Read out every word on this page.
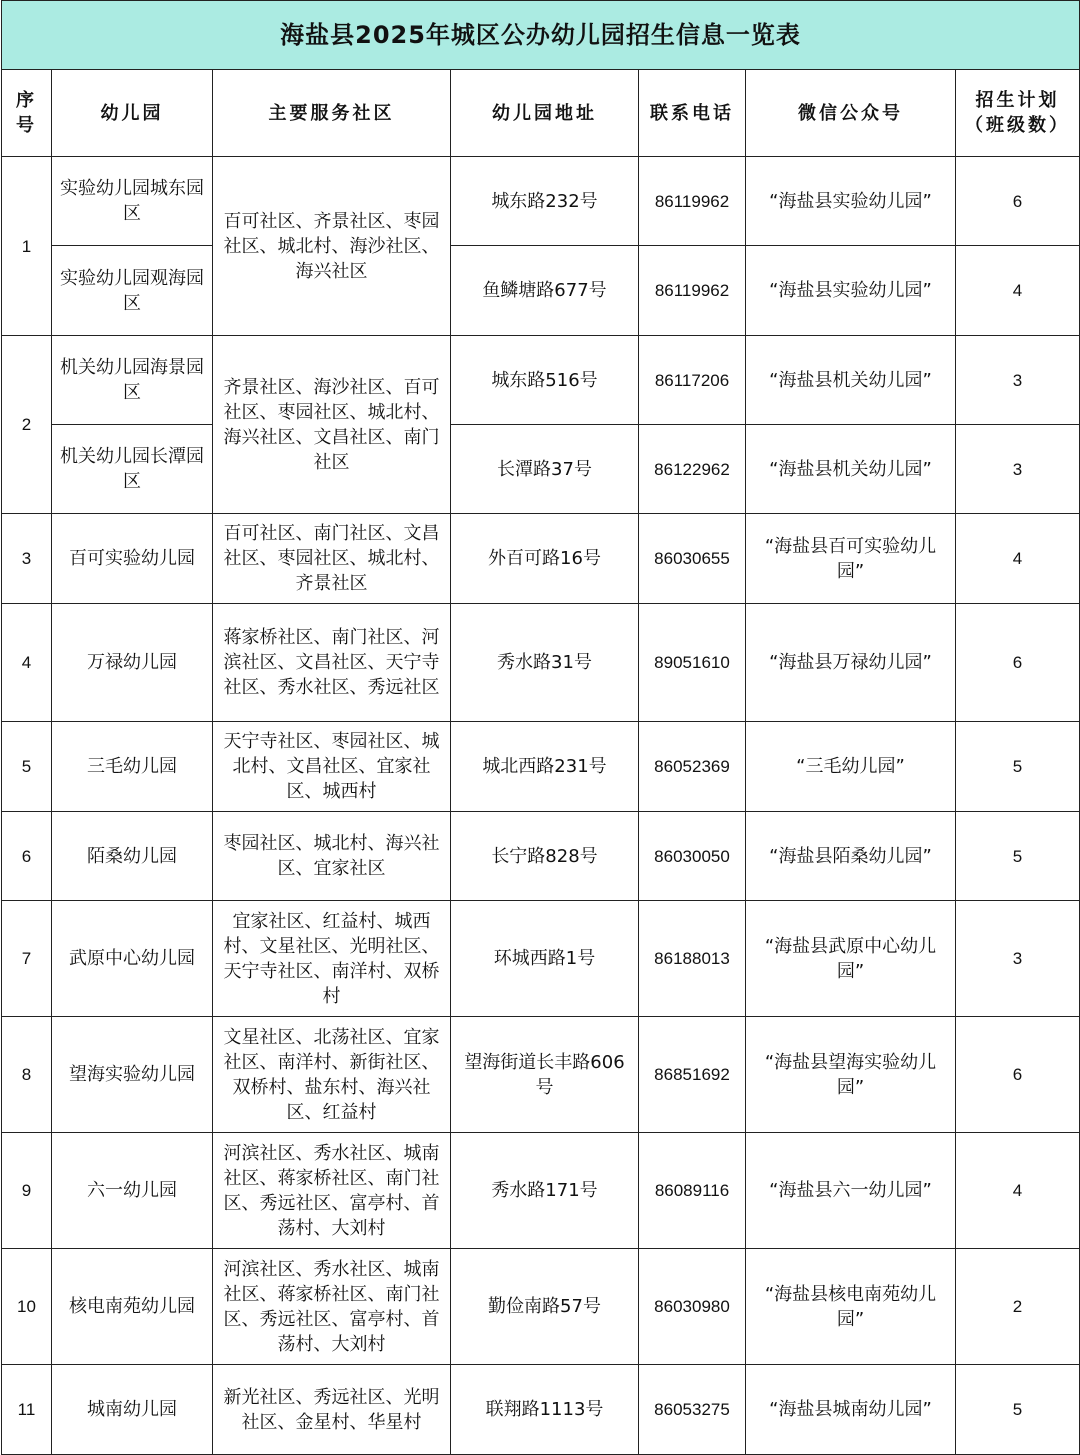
海盐县2025年城区公办幼儿园招生信息一览表						
序号	幼儿园	主要服务社区	幼儿园地址	联系电话	微信公众号	招生计划（班级数）
1	实验幼儿园城东园区	百可社区、齐景社区、枣园社区、城北村、海沙社区、海兴社区	城东路232号	86119962	“海盐县实验幼儿园”	6
	实验幼儿园观海园区		鱼鳞塘路677号	86119962	“海盐县实验幼儿园”	4
2	机关幼儿园海景园区	齐景社区、海沙社区、百可社区、枣园社区、城北村、海兴社区、文昌社区、南门社区	城东路516号	86117206	“海盐县机关幼儿园”	3
	机关幼儿园长潭园区		长潭路37号	86122962	“海盐县机关幼儿园”	3
3	百可实验幼儿园	百可社区、南门社区、文昌社区、枣园社区、城北村、齐景社区	外百可路16号	86030655	“海盐县百可实验幼儿园”	4
4	万禄幼儿园	蒋家桥社区、南门社区、河滨社区、文昌社区、天宁寺社区、秀水社区、秀远社区	秀水路31号	89051610	“海盐县万禄幼儿园”	6
5	三毛幼儿园	天宁寺社区、枣园社区、城北村、文昌社区、宜家社区、城西村	城北西路231号	86052369	“三毛幼儿园”	5
6	陌桑幼儿园	枣园社区、城北村、海兴社区、宜家社区	长宁路828号	86030050	“海盐县陌桑幼儿园”	5
7	武原中心幼儿园	宜家社区、红益村、城西村、文星社区、光明社区、天宁寺社区、南洋村、双桥村	环城西路1号	86188013	“海盐县武原中心幼儿园”	3
8	望海实验幼儿园	文星社区、北荡社区、宜家社区、南洋村、新街社区、双桥村、盐东村、海兴社区、红益村	望海街道长丰路606号	86851692	“海盐县望海实验幼儿园”	6
9	六一幼儿园	河滨社区、秀水社区、城南社区、蒋家桥社区、南门社区、秀远社区、富亭村、首荡村、大刘村	秀水路171号	86089116	“海盐县六一幼儿园”	4
10	核电南苑幼儿园	河滨社区、秀水社区、城南社区、蒋家桥社区、南门社区、秀远社区、富亭村、首荡村、大刘村	勤俭南路57号	86030980	“海盐县核电南苑幼儿园”	2
11	城南幼儿园	新光社区、秀远社区、光明社区、金星村、华星村	联翔路1113号	86053275	“海盐县城南幼儿园”	5
